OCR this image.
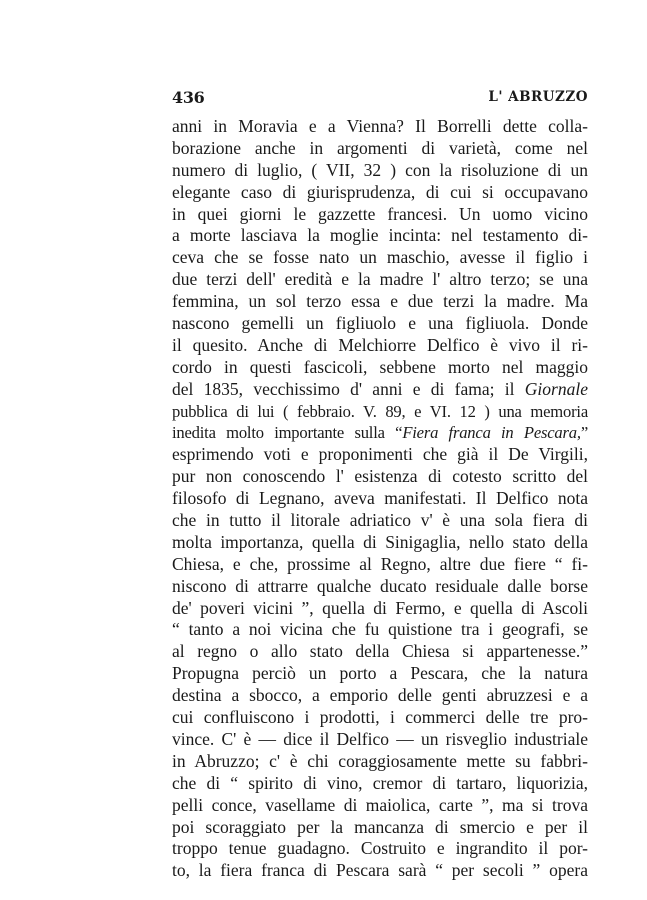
436	L' ABRUZZO
anni in Moravia e a Vienna? Il Borrelli dette colla-
borazione anche in argomenti di varietà, come nel
numero di luglio, ( VII, 32 ) con la risoluzione di un
elegante caso di giurisprudenza, di cui si occupavano
in quei giorni le gazzette francesi. Un uomo vicino
a morte lasciava la moglie incinta: nel testamento di-
ceva che se fosse nato un maschio, avesse il figlio i
due terzi dell' eredità e la madre l' altro terzo; se una
femmina, un sol terzo essa e due terzi la madre. Ma
nascono gemelli un figliuolo e una figliuola. Donde
il quesito. Anche di Melchiorre Delfico è vivo il ri-
cordo in questi fascicoli, sebbene morto nel maggio
del 1835, vecchissimo d' anni e di fama; il Giornale
pubblica di lui ( febbraio. V. 89, e VI. 12 ) una memoria
inedita molto importante sulla “Fiera franca in Pescara,”
esprimendo voti e proponimenti che già il De Virgili,
pur non conoscendo l' esistenza di cotesto scritto del
filosofo di Legnano, aveva manifestati. Il Delfico nota
che in tutto il litorale adriatico v' è una sola fiera di
molta importanza, quella di Sinigaglia, nello stato della
Chiesa, e che, prossime al Regno, altre due fiere “ fi-
niscono di attrarre qualche ducato residuale dalle borse
de' poveri vicini ”, quella di Fermo, e quella di Ascoli
“ tanto a noi vicina che fu quistione tra i geografi, se
al regno o allo stato della Chiesa si appartenesse.”
Propugna perciò un porto a Pescara, che la natura
destina a sbocco, a emporio delle genti abruzzesi e a
cui confluiscono i prodotti, i commerci delle tre pro-
vince. C' è — dice il Delfico — un risveglio industriale
in Abruzzo; c' è chi coraggiosamente mette su fabbri-
che di “ spirito di vino, cremor di tartaro, liquorizia,
pelli conce, vasellame di maiolica, carte ”, ma si trova
poi scoraggiato per la mancanza di smercio e per il
troppo tenue guadagno. Costruito e ingrandito il por-
to, la fiera franca di Pescara sarà “ per secoli ” opera
